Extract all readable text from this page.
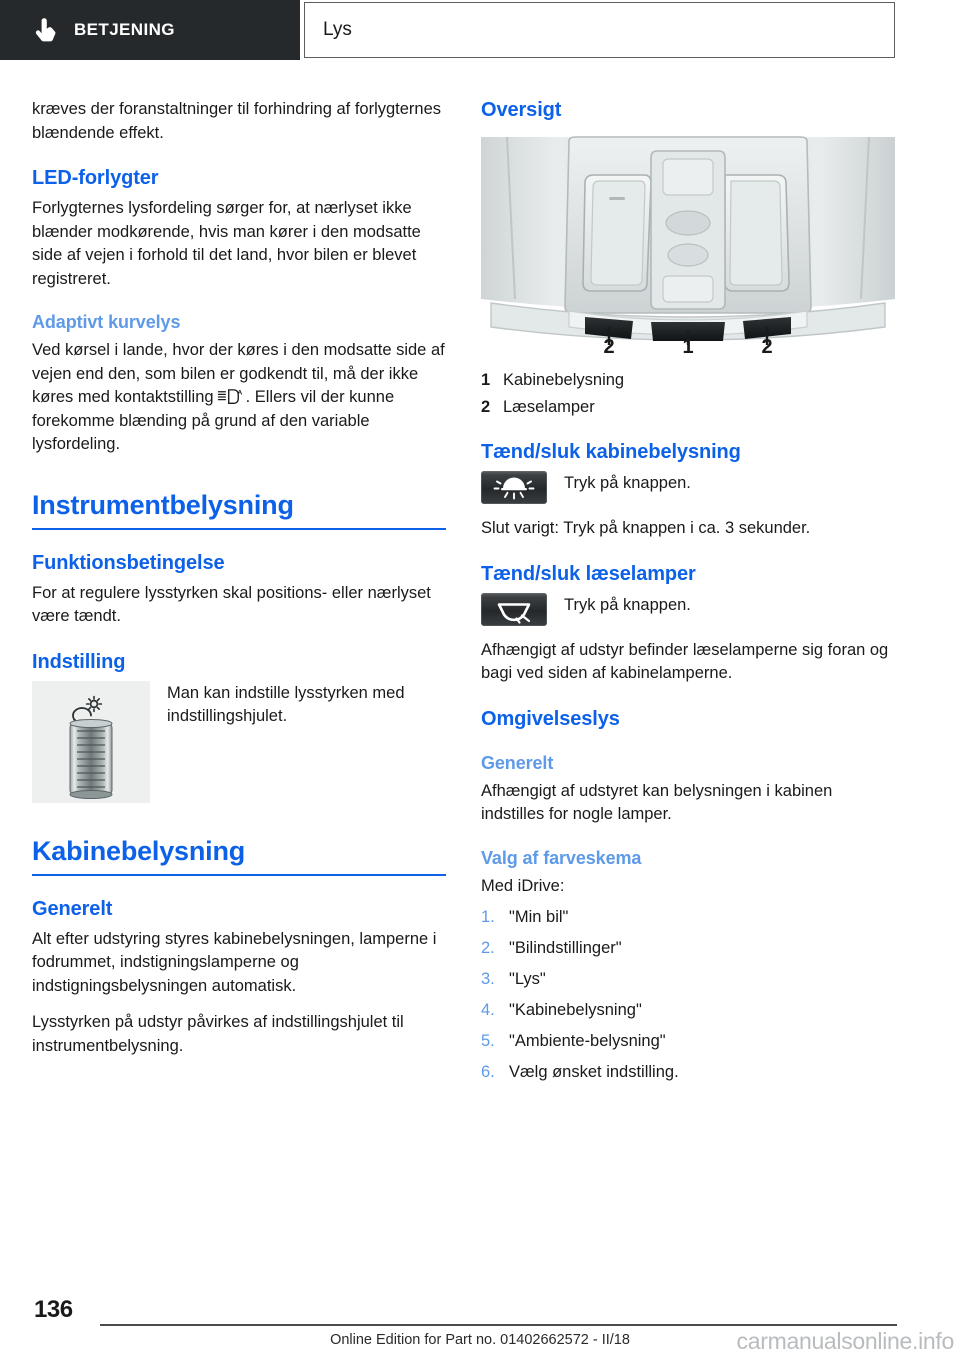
BETJENING	Lys

kræves der foranstaltninger til forhindring af forlygternes blændende effekt.

LED-forlygter

Forlygternes lysfordeling sørger for, at nærlyset ikke blænder modkørende, hvis man kører i den modsatte side af vejen i forhold til det land, hvor bilen er blevet registreret.

Adaptivt kurvelys

Ved kørsel i lande, hvor der køres i den modsatte side af vejen end den, som bilen er godkendt til, må der ikke køres med kontaktstilling	A . Ellers vil der kunne forekomme blænding på grund af den variable lysfordeling.

Instrumentbelysning
Funktionsbetingelse

For at regulere lysstyrken skal positions- eller nærlyset være tændt.

Indstilling
Man kan indstille lysstyrken med indstillingshjulet.
Kabinebelysning
Generelt

Alt efter udstyring styres kabinebelysningen, lamperne i fodrummet, indstigningslamperne og indstigningsbelysningen automatisk.

Lysstyrken på udstyr påvirkes af indstillingshjulet til instrumentbelysning.

Oversigt
2	1	2
1 Kabinebelysning
2 Læselamper
Tænd/sluk kabinebelysning
Tryk på knappen.

Slut varigt: Tryk på knappen i ca. 3 sekunder.

Tænd/sluk læselamper
Tryk på knappen.

Afhængigt af udstyr befinder læselamperne sig foran og bagi ved siden af kabinelamperne.

Omgivelseslys
Generelt

Afhængigt af udstyret kan belysningen i kabinen indstilles for nogle lamper.

Valg af farveskema

Med iDrive:

1. "Min bil"
2. "Bilindstillinger"
3. "Lys"
4. "Kabinebelysning"
5. "Ambiente-belysning"
6. Vælg ønsket indstilling.
136
Online Edition for Part no. 01402662572 - II/18	carmanualsonline.info
